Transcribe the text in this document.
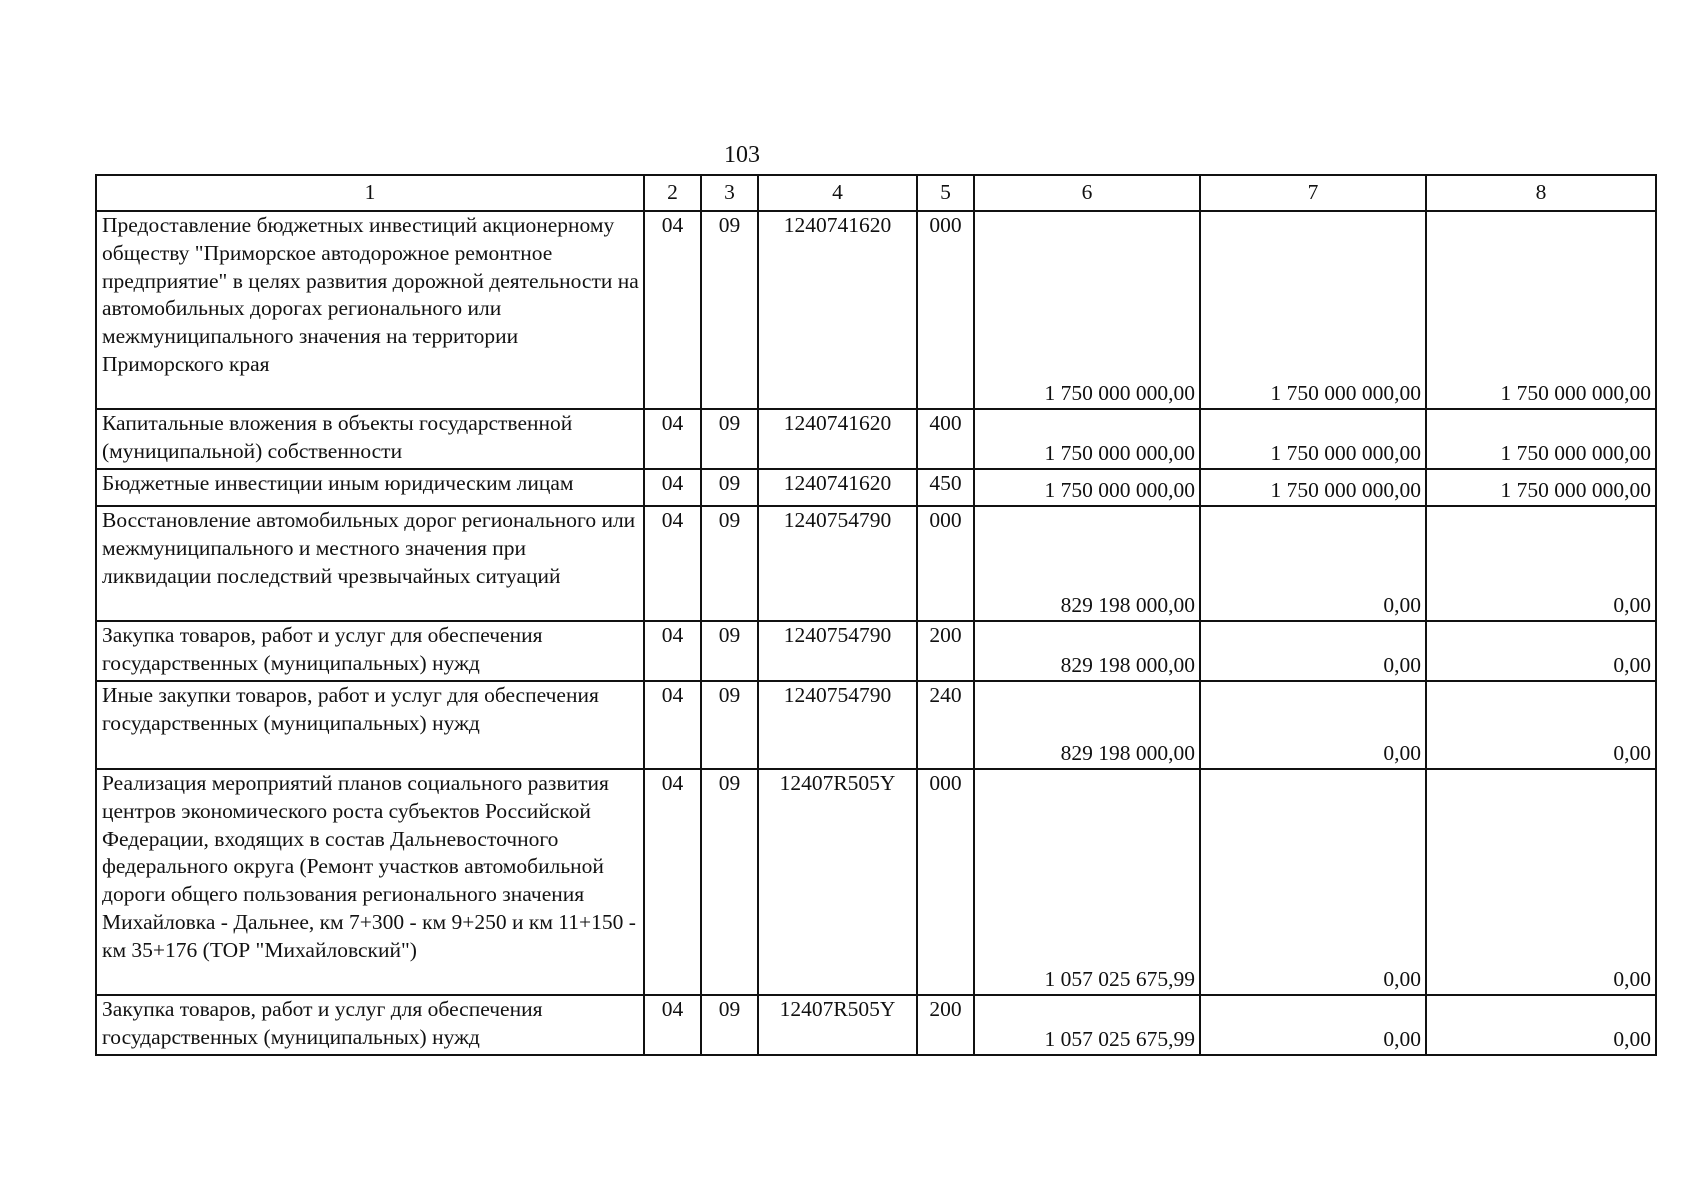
103
1	2	3	4	5	6	7	8
Предоставление бюджетных инвестиций акционерному обществу "Приморское автодорожное ремонтное предприятие" в целях развития дорожной деятельности на автомобильных дорогах регионального или межмуниципального значения на территории Приморского края	04	09	1240741620	000	1 750 000 000,00	1 750 000 000,00	1 750 000 000,00
Капитальные вложения в объекты государственной (муниципальной) собственности	04	09	1240741620	400	1 750 000 000,00	1 750 000 000,00	1 750 000 000,00
Бюджетные инвестиции иным юридическим лицам	04	09	1240741620	450	1 750 000 000,00	1 750 000 000,00	1 750 000 000,00
Восстановление автомобильных дорог регионального или межмуниципального и местного значения при ликвидации последствий чрезвычайных ситуаций	04	09	1240754790	000	829 198 000,00	0,00	0,00
Закупка товаров, работ и услуг для обеспечения государственных (муниципальных) нужд	04	09	1240754790	200	829 198 000,00	0,00	0,00
Иные закупки товаров, работ и услуг для обеспечения государственных (муниципальных) нужд	04	09	1240754790	240	829 198 000,00	0,00	0,00
Реализация мероприятий планов социального развития центров экономического роста субъектов Российской Федерации, входящих в состав Дальневосточного федерального округа (Ремонт участков автомобильной дороги общего пользования регионального значения Михайловка - Дальнее, км 7+300 - км 9+250 и км 11+150 - км 35+176 (ТОР "Михайловский")	04	09	12407R505Y	000	1 057 025 675,99	0,00	0,00
Закупка товаров, работ и услуг для обеспечения государственных (муниципальных) нужд	04	09	12407R505Y	200	1 057 025 675,99	0,00	0,00
